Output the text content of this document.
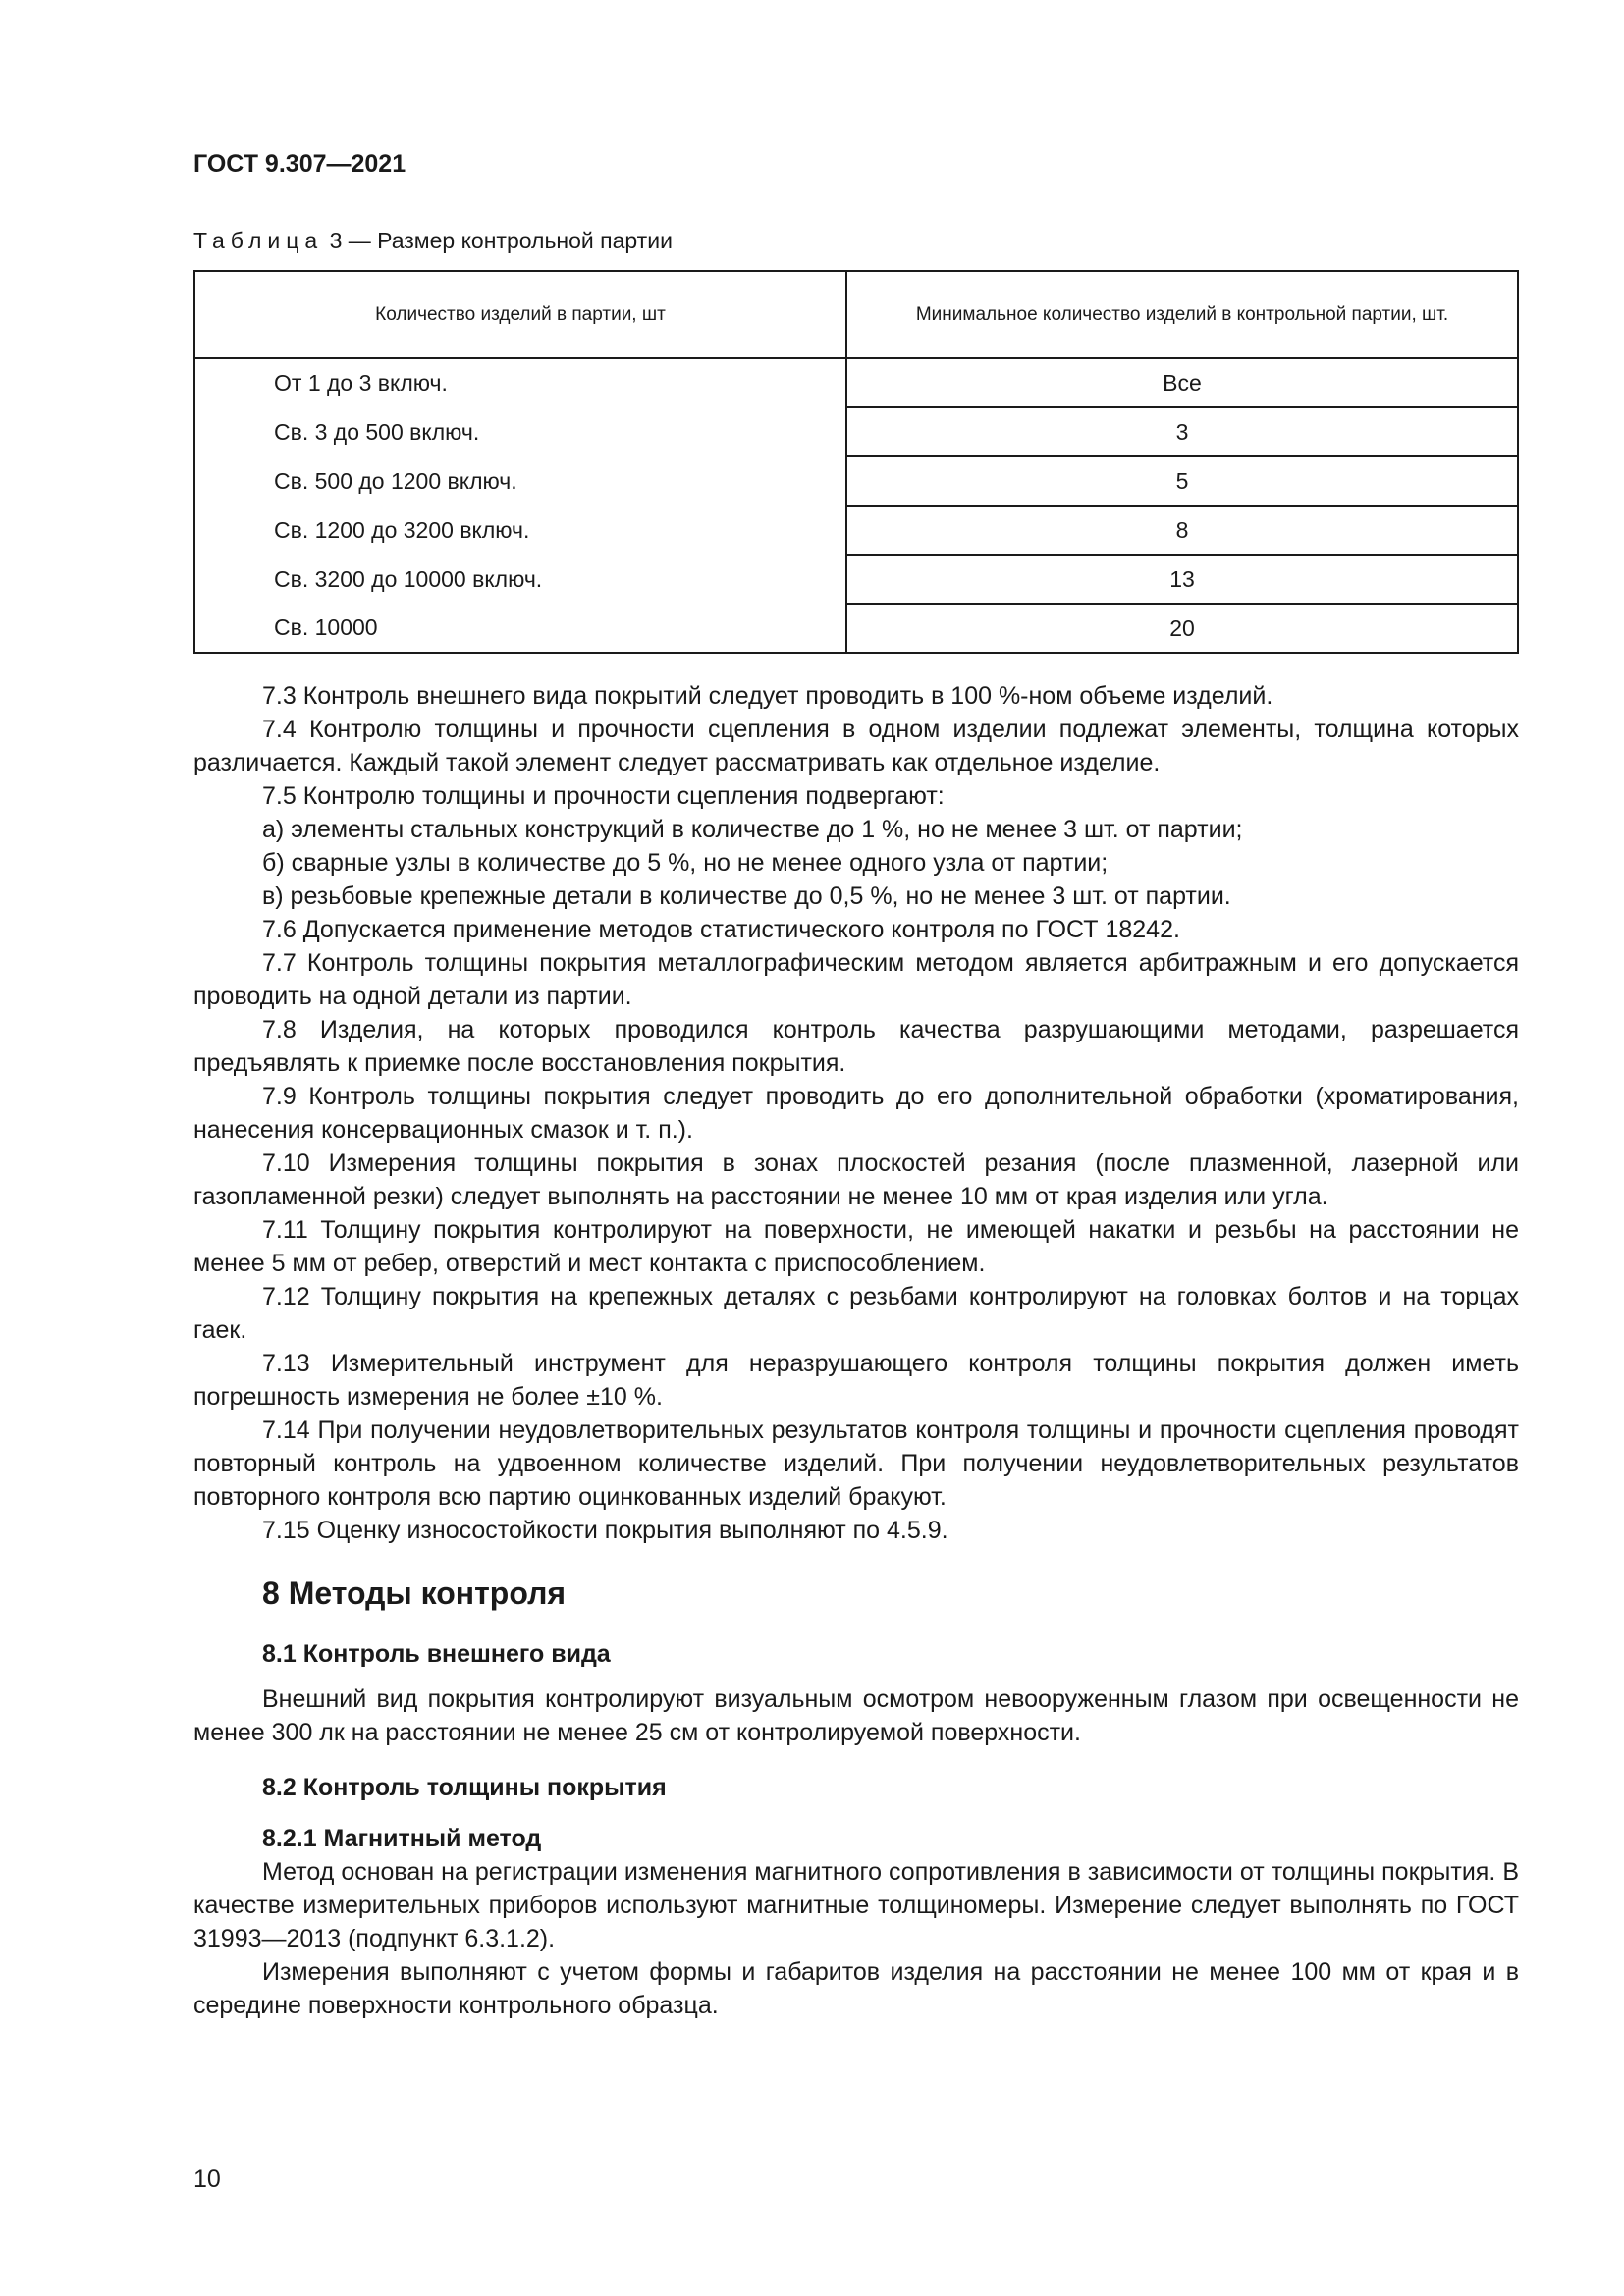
ГОСТ 9.307—2021
Таблица 3 — Размер контрольной партии
Количество изделий в партии, шт	Минимальное количество изделий в контрольной партии, шт.
От 1 до 3 включ.	Все
Св. 3 до 500 включ.	3
Св. 500 до 1200 включ.	5
Св. 1200 до 3200 включ.	8
Св. 3200 до 10000 включ.	13
Св. 10000	20

7.3 Контроль внешнего вида покрытий следует проводить в 100 %-ном объеме изделий.

7.4 Контролю толщины и прочности сцепления в одном изделии подлежат элементы, толщина которых различается. Каждый такой элемент следует рассматривать как отдельное изделие.

7.5 Контролю толщины и прочности сцепления подвергают:

а) элементы стальных конструкций в количестве до 1 %, но не менее 3 шт. от партии;

б) сварные узлы в количестве до 5 %, но не менее одного узла от партии;

в) резьбовые крепежные детали в количестве до 0,5 %, но не менее 3 шт. от партии.

7.6 Допускается применение методов статистического контроля по ГОСТ 18242.

7.7 Контроль толщины покрытия металлографическим методом является арбитражным и его допускается проводить на одной детали из партии.

7.8 Изделия, на которых проводился контроль качества разрушающими методами, разрешается предъявлять к приемке после восстановления покрытия.

7.9 Контроль толщины покрытия следует проводить до его дополнительной обработки (хроматирования, нанесения консервационных смазок и т. п.).

7.10 Измерения толщины покрытия в зонах плоскостей резания (после плазменной, лазерной или газопламенной резки) следует выполнять на расстоянии не менее 10 мм от края изделия или угла.

7.11 Толщину покрытия контролируют на поверхности, не имеющей накатки и резьбы на расстоянии не менее 5 мм от ребер, отверстий и мест контакта с приспособлением.

7.12 Толщину покрытия на крепежных деталях с резьбами контролируют на головках болтов и на торцах гаек.

7.13 Измерительный инструмент для неразрушающего контроля толщины покрытия должен иметь погрешность измерения не более ±10 %.

7.14 При получении неудовлетворительных результатов контроля толщины и прочности сцепления проводят повторный контроль на удвоенном количестве изделий. При получении неудовлетворительных результатов повторного контроля всю партию оцинкованных изделий бракуют.

7.15 Оценку износостойкости покрытия выполняют по 4.5.9.

8 Методы контроля
8.1 Контроль внешнего вида

Внешний вид покрытия контролируют визуальным осмотром невооруженным глазом при освещенности не менее 300 лк на расстоянии не менее 25 см от контролируемой поверхности.

8.2 Контроль толщины покрытия
8.2.1 Магнитный метод

Метод основан на регистрации изменения магнитного сопротивления в зависимости от толщины покрытия. В качестве измерительных приборов используют магнитные толщиномеры. Измерение следует выполнять по ГОСТ 31993—2013 (подпункт 6.3.1.2).

Измерения выполняют с учетом формы и габаритов изделия на расстоянии не менее 100 мм от края и в середине поверхности контрольного образца.

10
